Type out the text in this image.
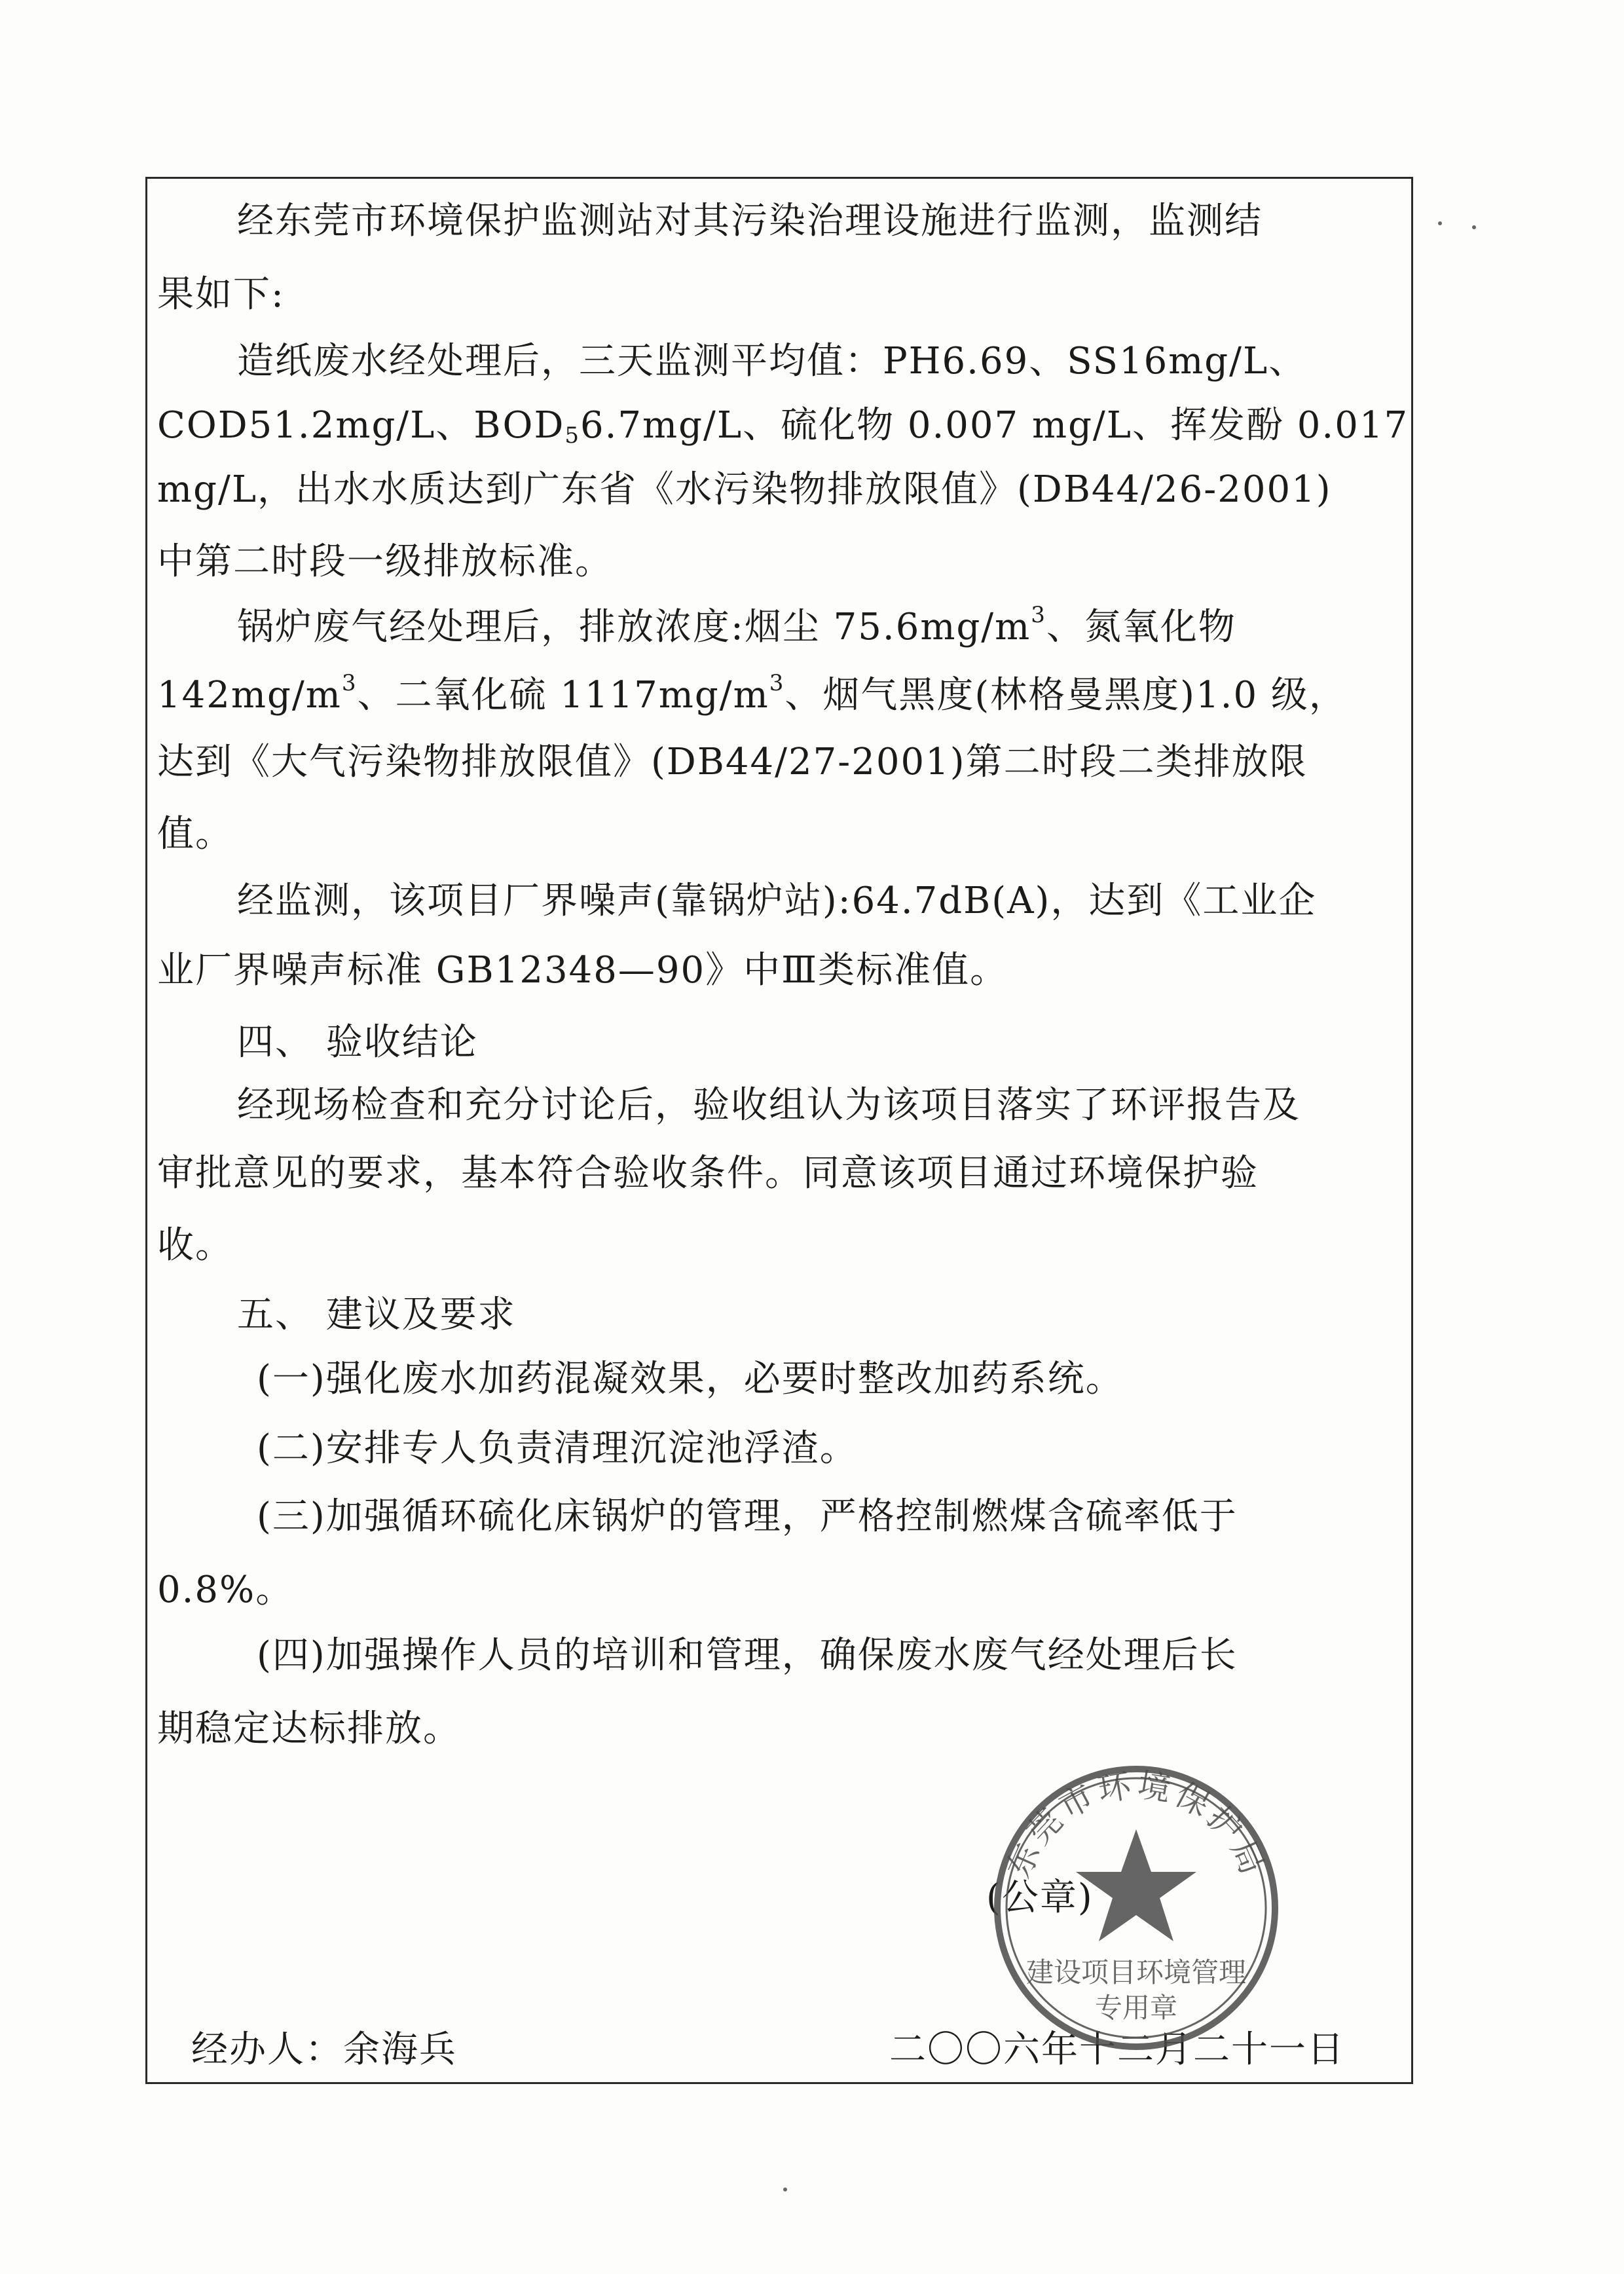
经东莞市环境保护监测站对其污染治理设施进行监测，监测结
果如下:
造纸废水经处理后，三天监测平均值：PH6.69、SS16mg/L、
COD51.2mg/L、$BOD_56.7mg/L$、硫化物 0.007 mg/L、挥发酚 0.017
mg/L，出水水质达到广东省《水污染物排放限值》(DB44/26-2001)
中第二时段一级排放标准。
锅炉废气经处理后，排放浓度:烟尘 $75.6mg/m^3$、氮氧化物
$142mg/m^3$、二氧化硫 $1117mg/m^3$、烟气黑度(林格曼黑度)1.0 级，
达到《大气污染物排放限值》(DB44/27-2001)第二时段二类排放限
值。
经监测，该项目厂界噪声(靠锅炉站):64.7dB(A)，达到《工业企
业厂界噪声标准 GB12348—90》中Ⅲ类标准值。
四、 验收结论
经现场检查和充分讨论后，验收组认为该项目落实了环评报告及
审批意见的要求，基本符合验收条件。同意该项目通过环境保护验
收。
五、 建议及要求
(一)强化废水加药混凝效果，必要时整改加药系统。
(二)安排专人负责清理沉淀池浮渣。
(三)加强循环硫化床锅炉的管理，严格控制燃煤含硫率低于
0.8%。
(四)加强操作人员的培训和管理，确保废水废气经处理后长
期稳定达标排放。
(公章)
经办人：余海兵	二〇〇六年十二月二十一日
东莞市环境保护局
建设项目环境管理
专用章
